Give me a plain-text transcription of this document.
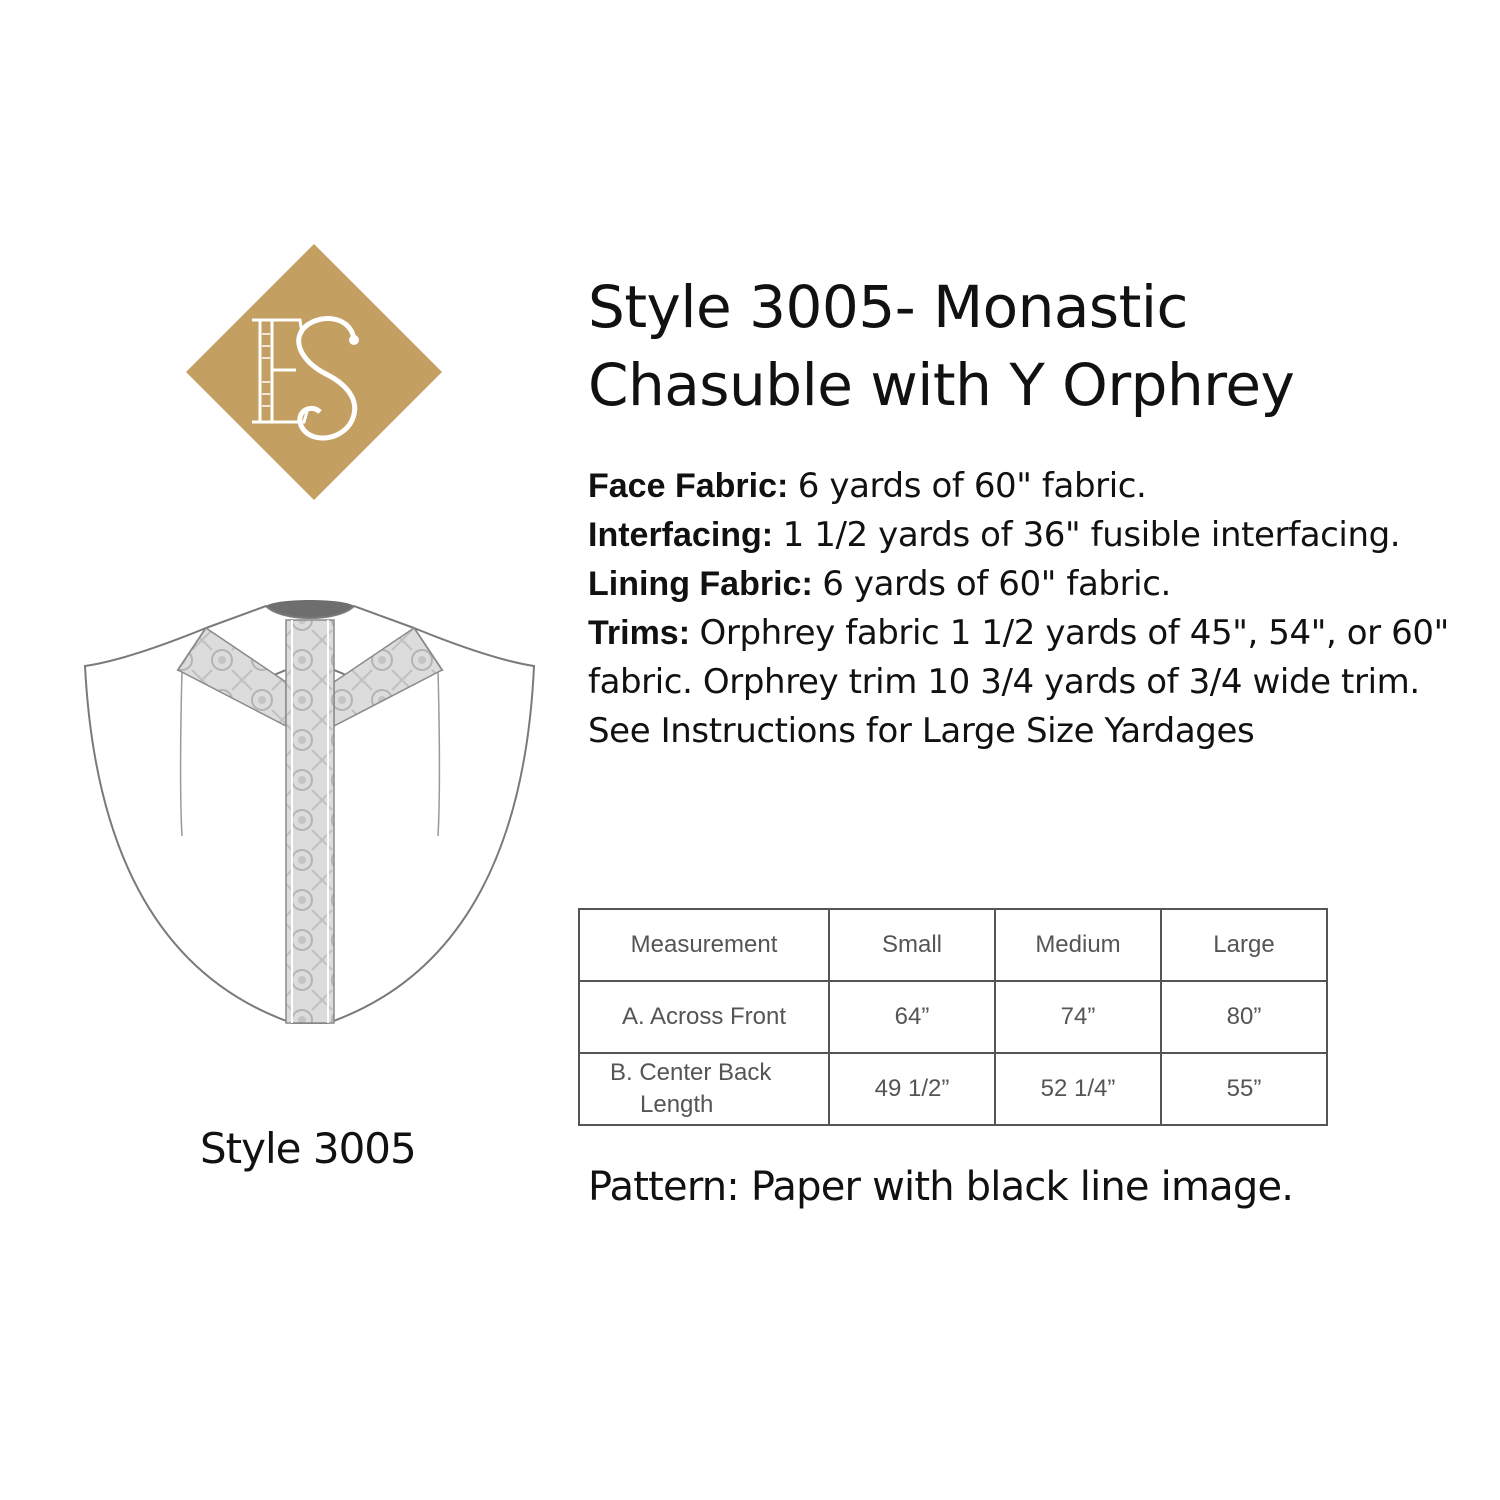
Style 3005
Style 3005- Monastic Chasuble with Y Orphrey

Face Fabric: 6 yards of 60" fabric.

Interfacing: 1 1/2 yards of 36" fusible interfacing.

Lining Fabric: 6 yards of 60" fabric.

Trims: Orphrey fabric 1 1/2 yards of 45", 54", or 60" fabric. Orphrey trim 10 3/4 yards of 3/4 wide trim.

See Instructions for Large Size Yardages

Measurement	Small	Medium	Large
A. Across Front	64”	74”	80”

B. Center Back
Length	49 1/2”	52 1/4”	55”
Pattern: Paper with black line image.
